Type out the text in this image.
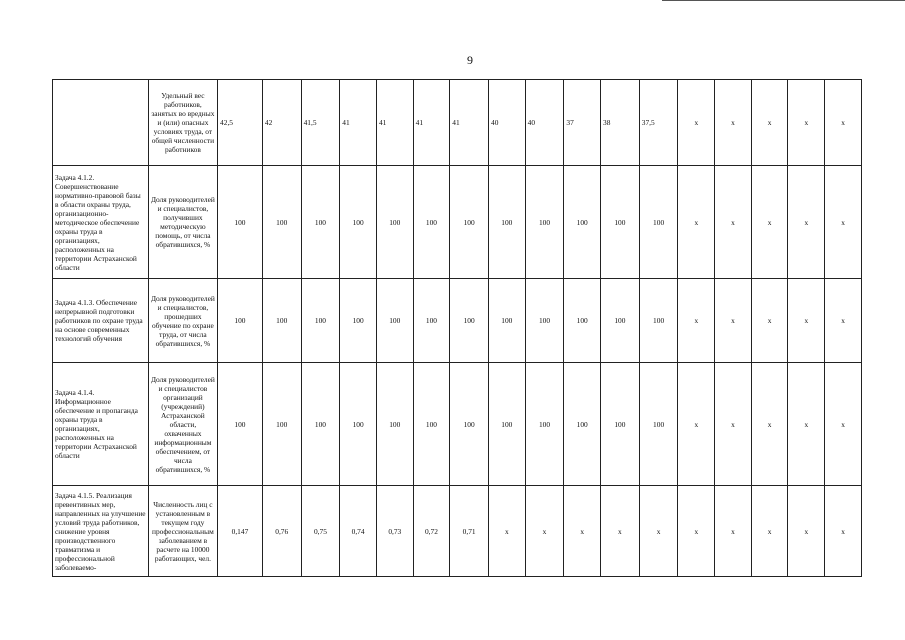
9
	Удельный вес работников, занятых во вредных и (или) опасных условиях труда, от общей численности работников	42,5	42	41,5	41	41	41	41	40	40	37	38	37,5	x	x	x	x	x
Задача 4.1.2. Совершенствование нормативно-правовой базы в области охраны труда, организационно-методическое обеспечение охраны труда в организациях, расположенных на территории Астраханской области	Доля руководителей и специалистов, получивших методическую помощь, от числа обратившихся, %	100	100	100	100	100	100	100	100	100	100	100	100	x	x	x	x	x
Задача 4.1.3. Обеспечение непрерывной подготовки работников по охране труда на основе современных технологий обучения	Доля руководителей и специалистов, прошедших обучение по охране труда, от числа обратившихся, %	100	100	100	100	100	100	100	100	100	100	100	100	x	x	x	x	x
Задача 4.1.4. Информационное обеспечение и пропаганда охраны труда в организациях, расположенных на территории Астраханской области	Доля руководителей и специалистов организаций (учреждений) Астраханской области, охваченных информационным обеспечением, от числа обратившихся, %	100	100	100	100	100	100	100	100	100	100	100	100	x	x	x	x	x
Задача 4.1.5. Реализация превентивных мер, направленных на улучшение условий труда работников, снижение уровня производственного травматизма и профессиональной заболеваемо-	Численность лиц с установленным в текущем году профессиональным заболеванием в расчете на 10000 работающих, чел.	0,147	0,76	0,75	0,74	0,73	0,72	0,71	x	x	x	x	x	x	x	x	x	x
